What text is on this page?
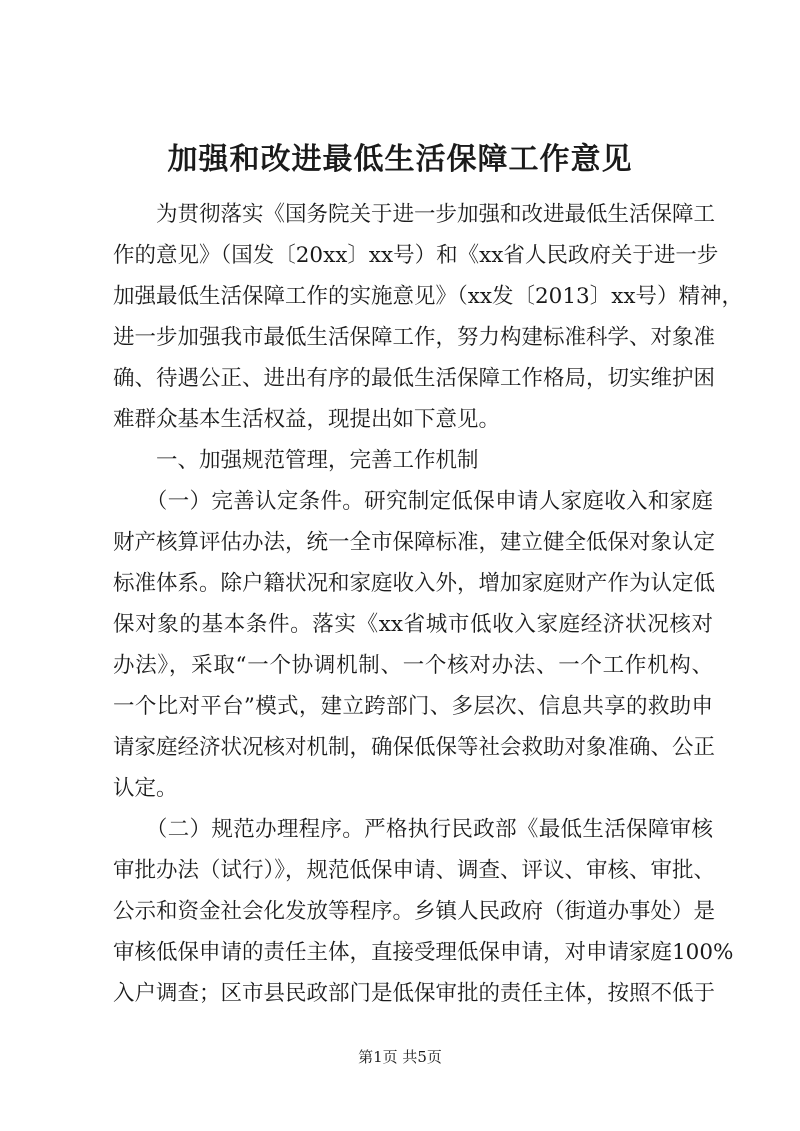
加强和改进最低生活保障工作意见
　　为贯彻落实《国务院关于进一步加强和改进最低生活保障工
作的意见》（国发〔20xx〕xx号）和《xx省人民政府关于进一步
加强最低生活保障工作的实施意见》（xx发〔2013〕xx号）精神，
进一步加强我市最低生活保障工作，努力构建标准科学、对象准
确、待遇公正、进出有序的最低生活保障工作格局，切实维护困
难群众基本生活权益，现提出如下意见。
　　一、加强规范管理，完善工作机制
　　（一）完善认定条件。研究制定低保申请人家庭收入和家庭
财产核算评估办法，统一全市保障标准，建立健全低保对象认定
标准体系。除户籍状况和家庭收入外，增加家庭财产作为认定低
保对象的基本条件。落实《xx省城市低收入家庭经济状况核对
办法》，采取“一个协调机制、一个核对办法、一个工作机构、
一个比对平台”模式，建立跨部门、多层次、信息共享的救助申
请家庭经济状况核对机制，确保低保等社会救助对象准确、公正
认定。
　　（二）规范办理程序。严格执行民政部《最低生活保障审核
审批办法（试行）》，规范低保申请、调查、评议、审核、审批、
公示和资金社会化发放等程序。乡镇人民政府（街道办事处）是
审核低保申请的责任主体，直接受理低保申请，对申请家庭100%
入户调查；区市县民政部门是低保审批的责任主体，按照不低于
第1页 共5页
